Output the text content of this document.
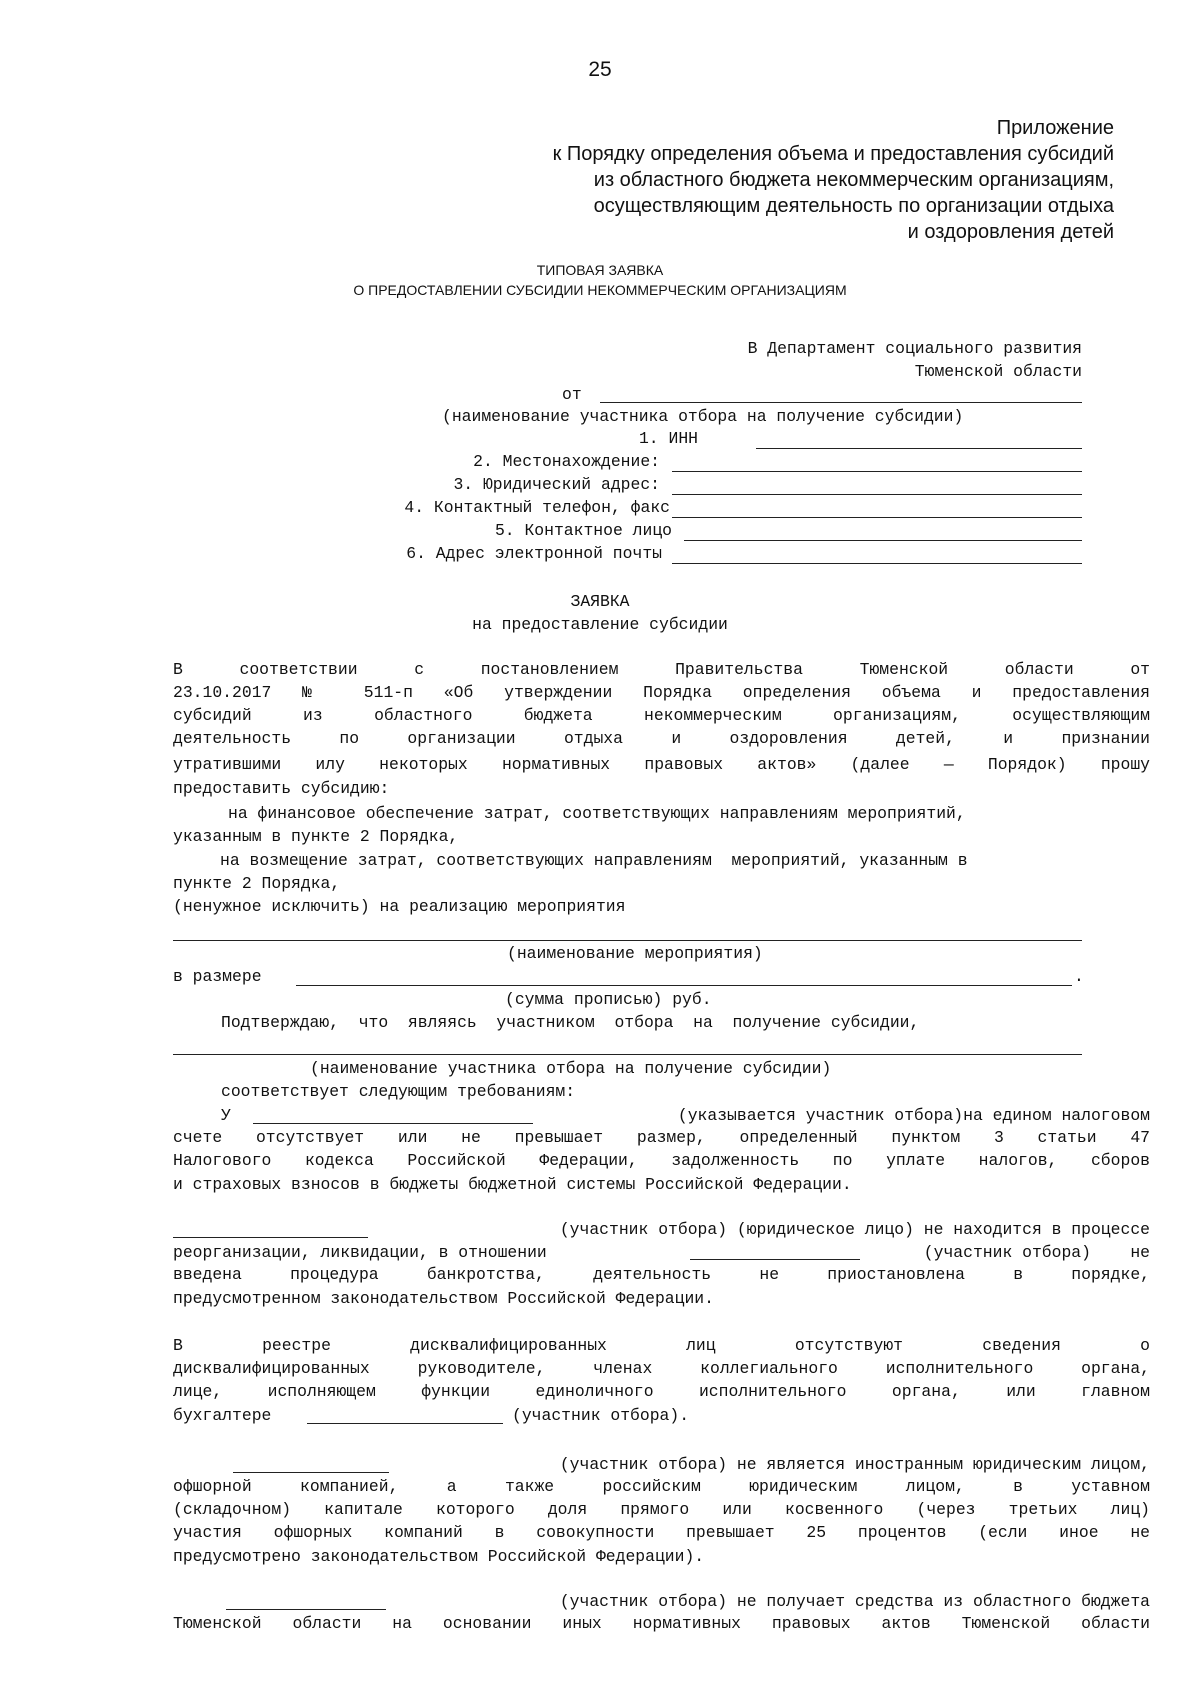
25
Приложение
к Порядку определения объема и предоставления субсидий
из областного бюджета некоммерческим организациям,
осуществляющим деятельность по организации отдыха
и оздоровления детей
ТИПОВАЯ ЗАЯВКА
О ПРЕДОСТАВЛЕНИИ СУБСИДИИ НЕКОММЕРЧЕСКИМ ОРГАНИЗАЦИЯМ
В Департамент социального развития
Тюменской области
от
(наименование участника отбора на получение субсидии)
1. ИНН
2. Местонахождение:
3. Юридический адрес:
4. Контактный телефон, факс
5. Контактное лицо
6. Адрес электронной почты
ЗАЯВКА
на предоставление субсидии
В соответствии с постановлением Правительства Тюменской области от
23.10.2017 № 511-п «Об утверждении Порядка определения объема и предоставления
субсидий из областного бюджета некоммерческим организациям, осуществляющим
деятельность по организации отдыха и оздоровления детей, и признании
утратившими илу некоторых нормативных правовых актов» (далее — Порядок) прошу
предоставить субсидию:
на финансовое обеспечение затрат, соответствующих направлениям мероприятий,
указанным в пункте 2 Порядка,
на возмещение затрат, соответствующих направлениям  мероприятий, указанным в
пункте 2 Порядка,
(ненужное исключить) на реализацию мероприятия
(наименование мероприятия)
в размере	.
(сумма прописью) руб.
Подтверждаю,  что  являясь  участником  отбора  на  получение субсидии,
(наименование участника отбора на получение субсидии)
соответствует следующим требованиям:
У	(указывается участник отбора)на едином налоговом
счете отсутствует или не превышает размер, определенный пунктом 3 статьи 47
Налогового кодекса Российской Федерации, задолженность по уплате налогов, сборов
и страховых взносов в бюджеты бюджетной системы Российской Федерации.
(участник отбора) (юридическое лицо) не находится в процессе
реорганизации, ликвидации, в отношении	(участник отбора)    не
введена процедура банкротства, деятельность не приостановлена в порядке,
предусмотренном законодательством Российской Федерации.
В реестре дисквалифицированных лиц отсутствуют сведения о
дисквалифицированных руководителе, членах коллегиального исполнительного органа,
лице, исполняющем функции единоличного исполнительного органа, или главном
бухгалтере	(участник отбора).
(участник отбора) не является иностранным юридическим лицом,
офшорной компанией, а также российским юридическим лицом, в уставном
(складочном) капитале которого доля прямого или косвенного (через третьих лиц)
участия офшорных компаний в совокупности превышает 25 процентов (если иное не
предусмотрено законодательством Российской Федерации).
(участник отбора) не получает средства из областного бюджета
Тюменской области на основании иных нормативных правовых актов Тюменской области
